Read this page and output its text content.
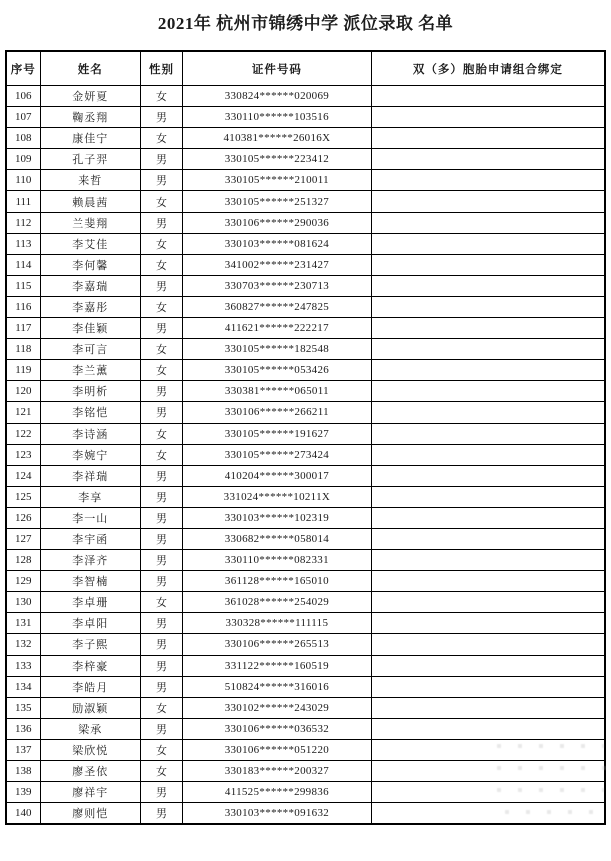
2021年 杭州市锦绣中学 派位录取 名单
序号	姓名	性别	证件号码	双（多）胞胎申请组合绑定
106	金妍夏	女	330824******020069	
107	鞠丞翔	男	330110******103516	
108	康佳宁	女	410381******26016X	
109	孔子羿	男	330105******223412	
110	来哲	男	330105******210011	
111	赖晨茜	女	330105******251327	
112	兰斐翔	男	330106******290036	
113	李艾佳	女	330103******081624	
114	李何馨	女	341002******231427	
115	李嘉瑞	男	330703******230713	
116	李嘉彤	女	360827******247825	
117	李佳颖	男	411621******222217	
118	李可言	女	330105******182548	
119	李兰薰	女	330105******053426	
120	李明析	男	330381******065011	
121	李铭恺	男	330106******266211	
122	李诗涵	女	330105******191627	
123	李婉宁	女	330105******273424	
124	李祥瑞	男	410204******300017	
125	李享	男	331024******10211X	
126	李一山	男	330103******102319	
127	李宇函	男	330682******058014	
128	李泽齐	男	330110******082331	
129	李智楠	男	361128******165010	
130	李卓珊	女	361028******254029	
131	李卓阳	男	330328******111115	
132	李子熙	男	330106******265513	
133	李梓豪	男	331122******160519	
134	李皓月	男	510824******316016	
135	励淑颖	女	330102******243029	
136	梁承	男	330106******036532	
137	梁欣悦	女	330106******051220	
138	廖圣依	女	330183******200327	
139	廖祥宇	男	411525******299836	
140	廖则恺	男	330103******091632	
